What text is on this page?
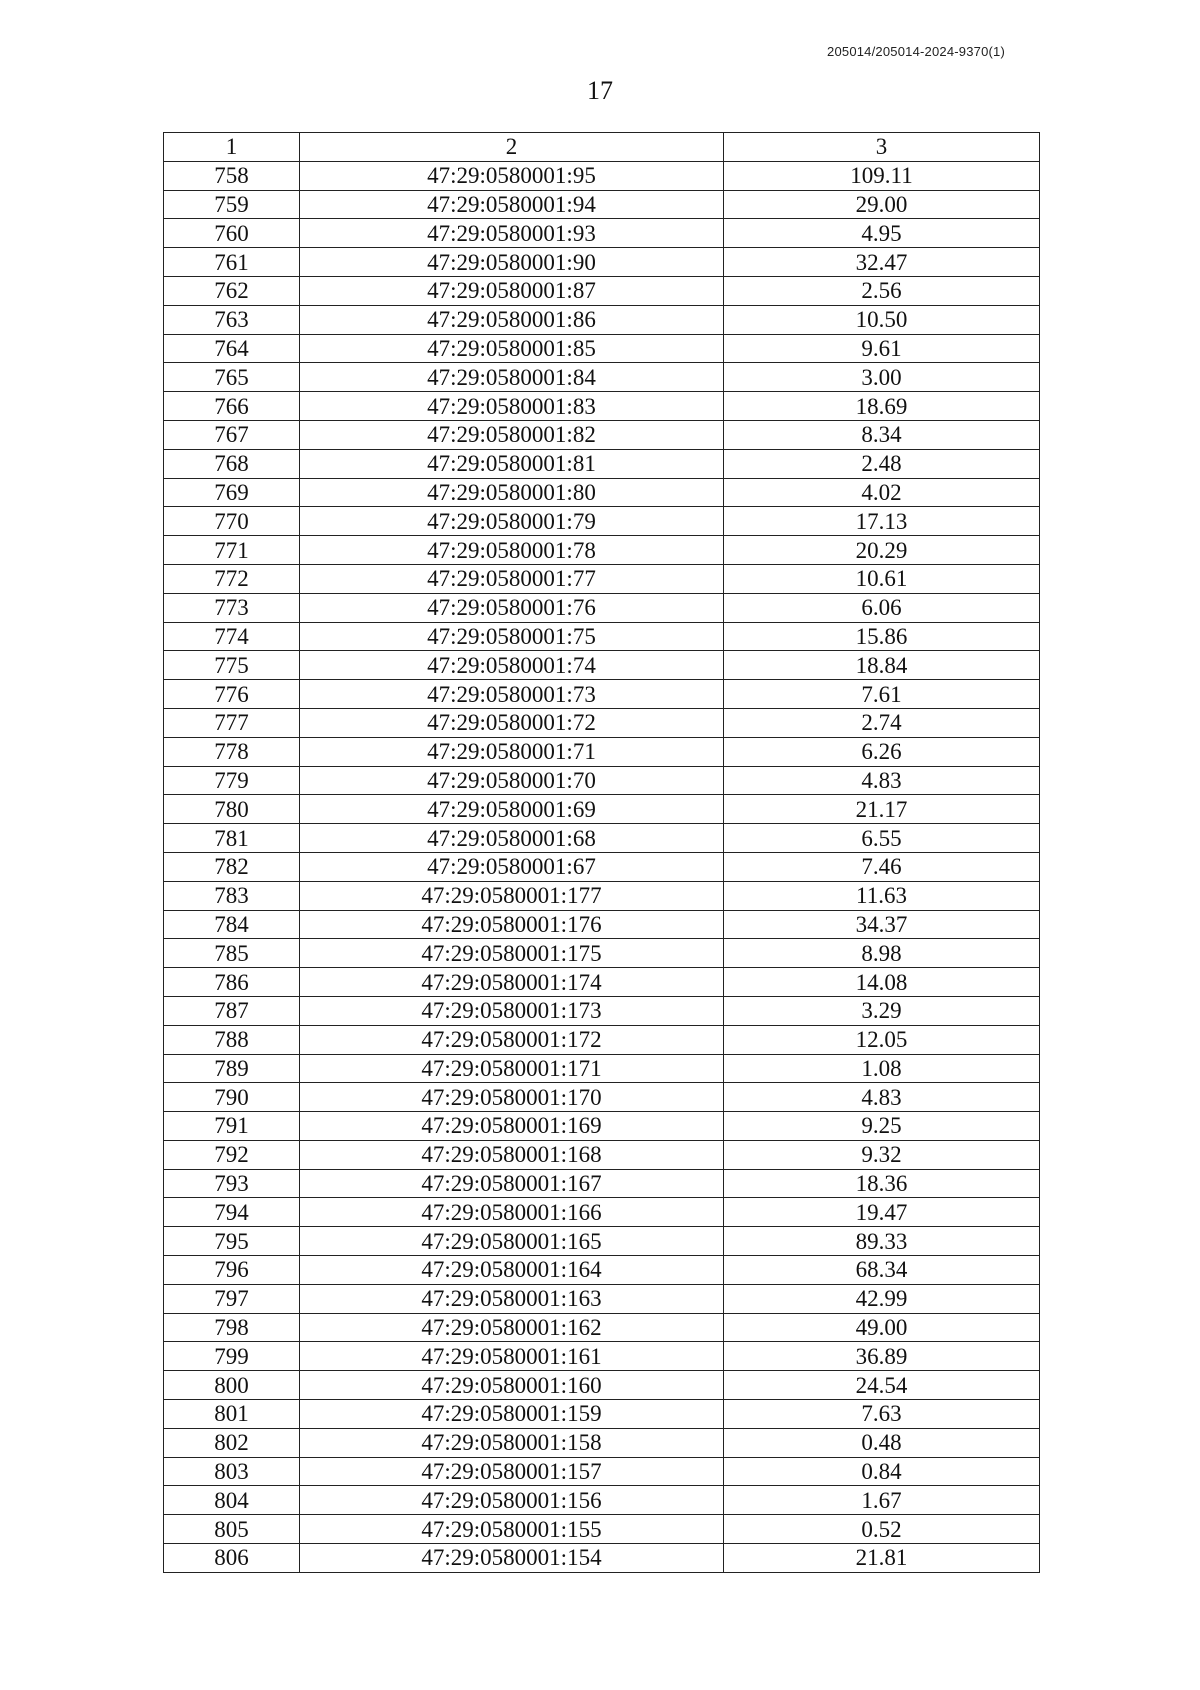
205014/205014-2024-9370(1)
17
1	2	3
758	47:29:0580001:95	109.11
759	47:29:0580001:94	29.00
760	47:29:0580001:93	4.95
761	47:29:0580001:90	32.47
762	47:29:0580001:87	2.56
763	47:29:0580001:86	10.50
764	47:29:0580001:85	9.61
765	47:29:0580001:84	3.00
766	47:29:0580001:83	18.69
767	47:29:0580001:82	8.34
768	47:29:0580001:81	2.48
769	47:29:0580001:80	4.02
770	47:29:0580001:79	17.13
771	47:29:0580001:78	20.29
772	47:29:0580001:77	10.61
773	47:29:0580001:76	6.06
774	47:29:0580001:75	15.86
775	47:29:0580001:74	18.84
776	47:29:0580001:73	7.61
777	47:29:0580001:72	2.74
778	47:29:0580001:71	6.26
779	47:29:0580001:70	4.83
780	47:29:0580001:69	21.17
781	47:29:0580001:68	6.55
782	47:29:0580001:67	7.46
783	47:29:0580001:177	11.63
784	47:29:0580001:176	34.37
785	47:29:0580001:175	8.98
786	47:29:0580001:174	14.08
787	47:29:0580001:173	3.29
788	47:29:0580001:172	12.05
789	47:29:0580001:171	1.08
790	47:29:0580001:170	4.83
791	47:29:0580001:169	9.25
792	47:29:0580001:168	9.32
793	47:29:0580001:167	18.36
794	47:29:0580001:166	19.47
795	47:29:0580001:165	89.33
796	47:29:0580001:164	68.34
797	47:29:0580001:163	42.99
798	47:29:0580001:162	49.00
799	47:29:0580001:161	36.89
800	47:29:0580001:160	24.54
801	47:29:0580001:159	7.63
802	47:29:0580001:158	0.48
803	47:29:0580001:157	0.84
804	47:29:0580001:156	1.67
805	47:29:0580001:155	0.52
806	47:29:0580001:154	21.81
